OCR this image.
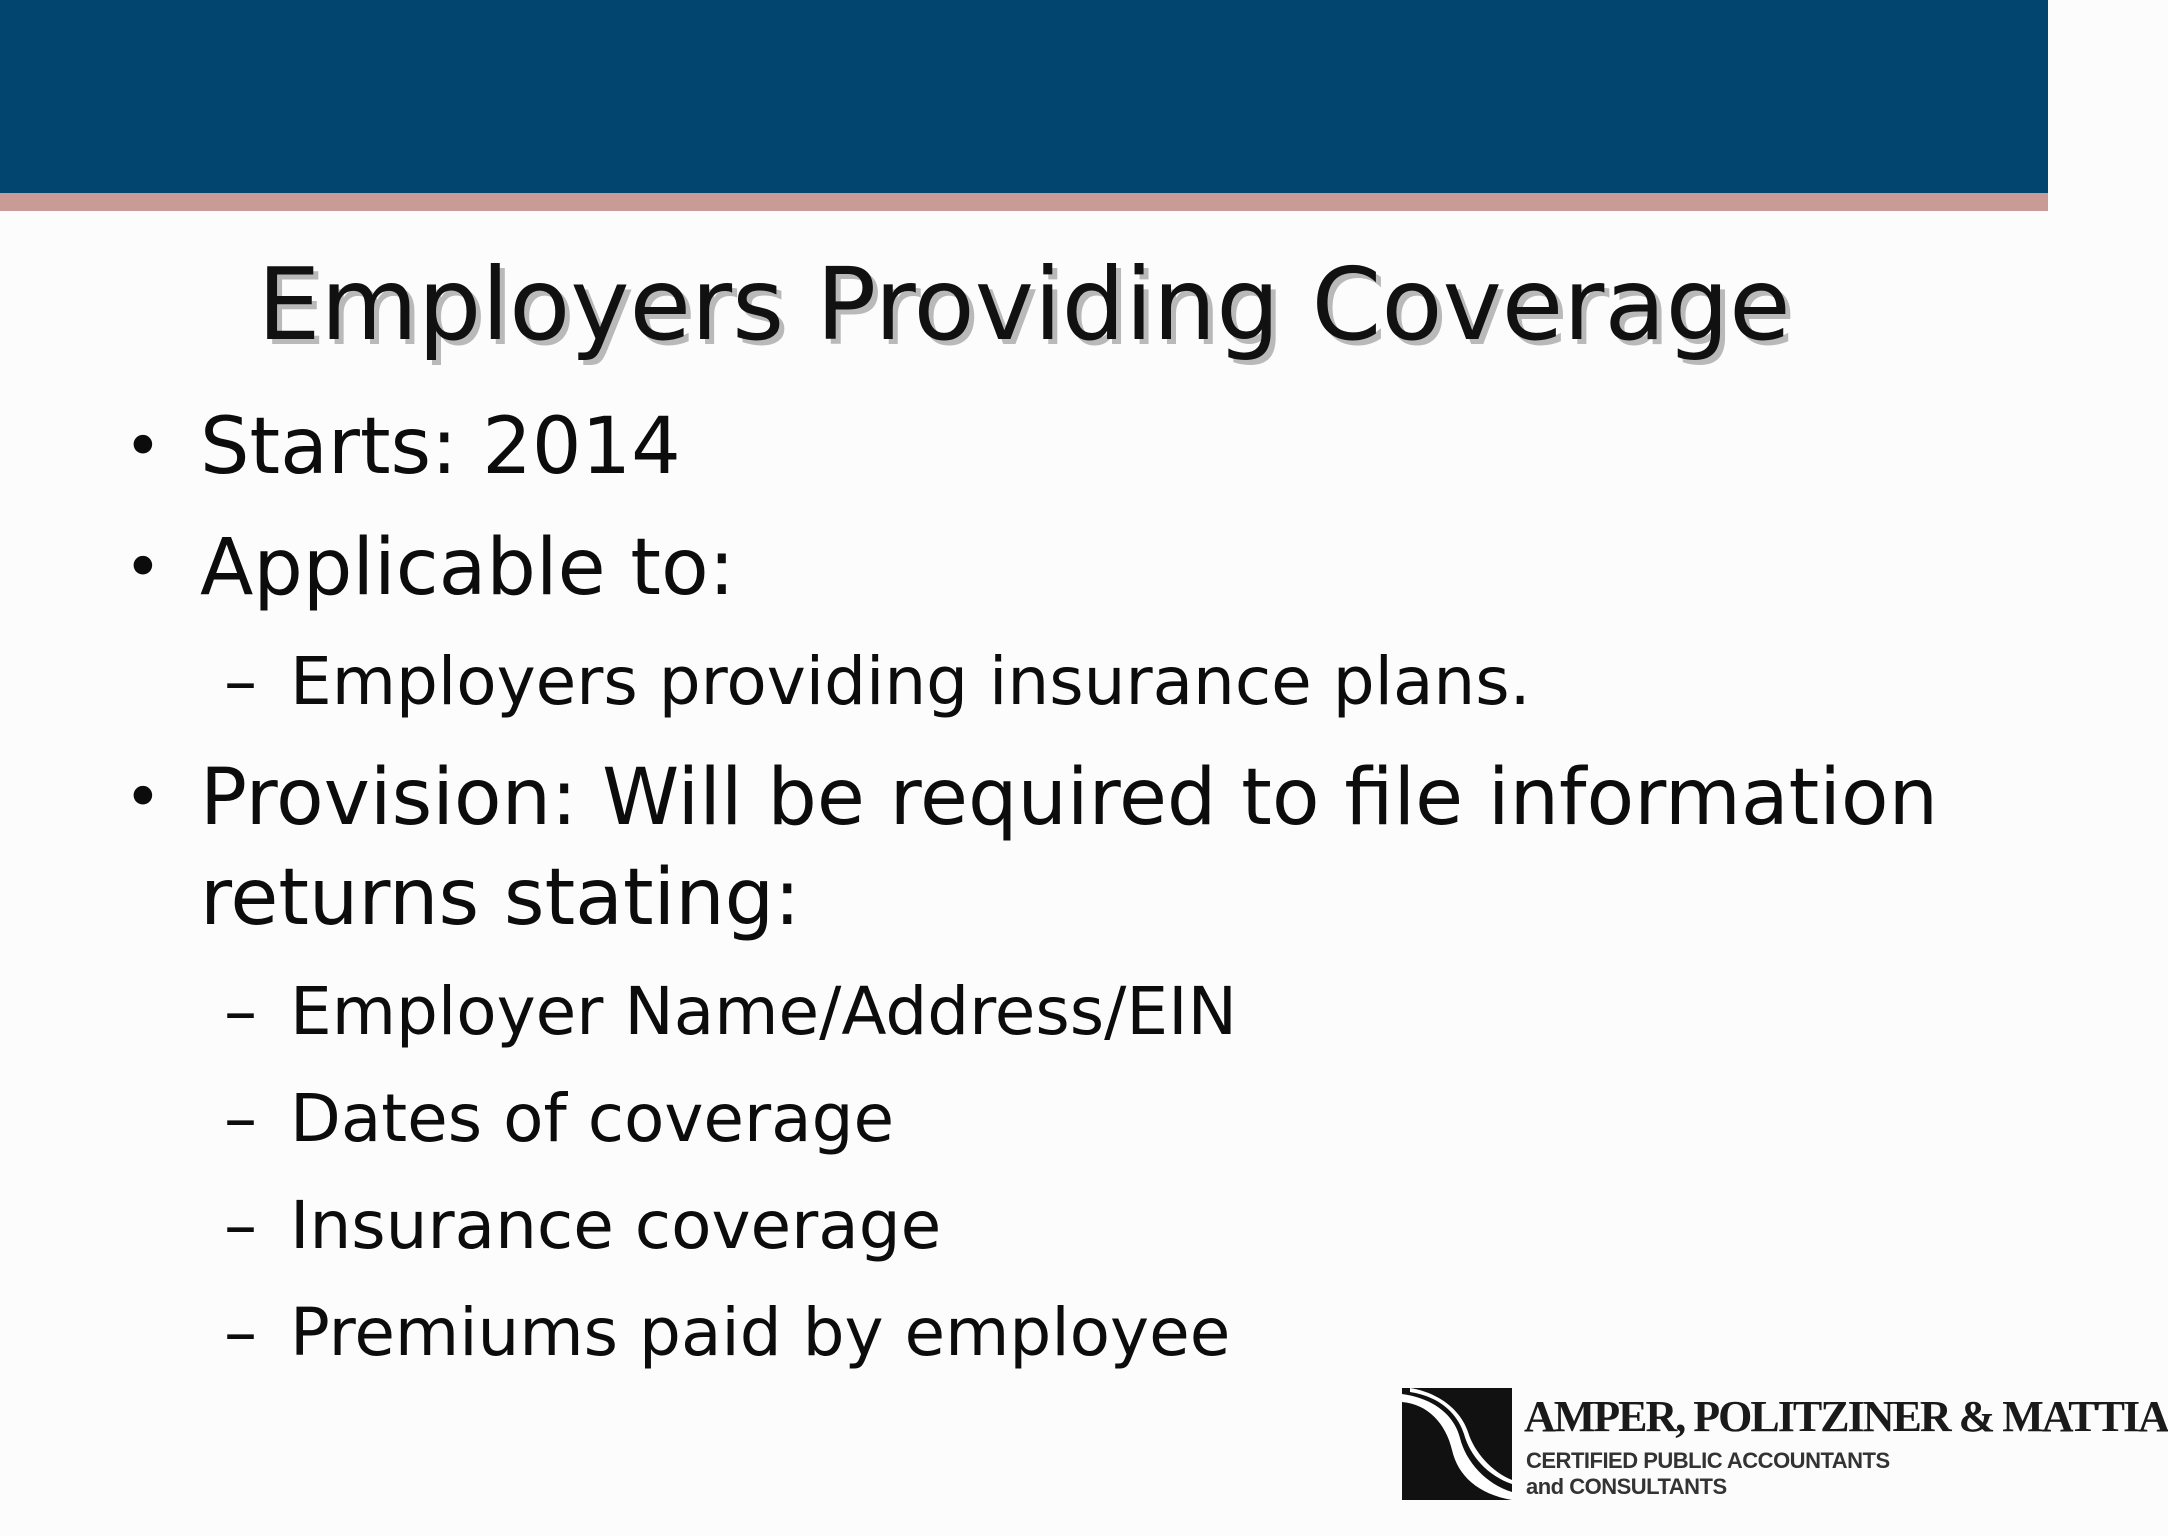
Employers Providing Coverage
• Starts: 2014
• Applicable to:
– Employers providing insurance plans.
• Provision: Will be required to file information
returns stating:
– Employer Name/Address/EIN
– Dates of coverage
– Insurance coverage
– Premiums paid by employee
AMPER, POLITZINER & MATTIA
CERTIFIED PUBLIC ACCOUNTANTS
and CONSULTANTS
